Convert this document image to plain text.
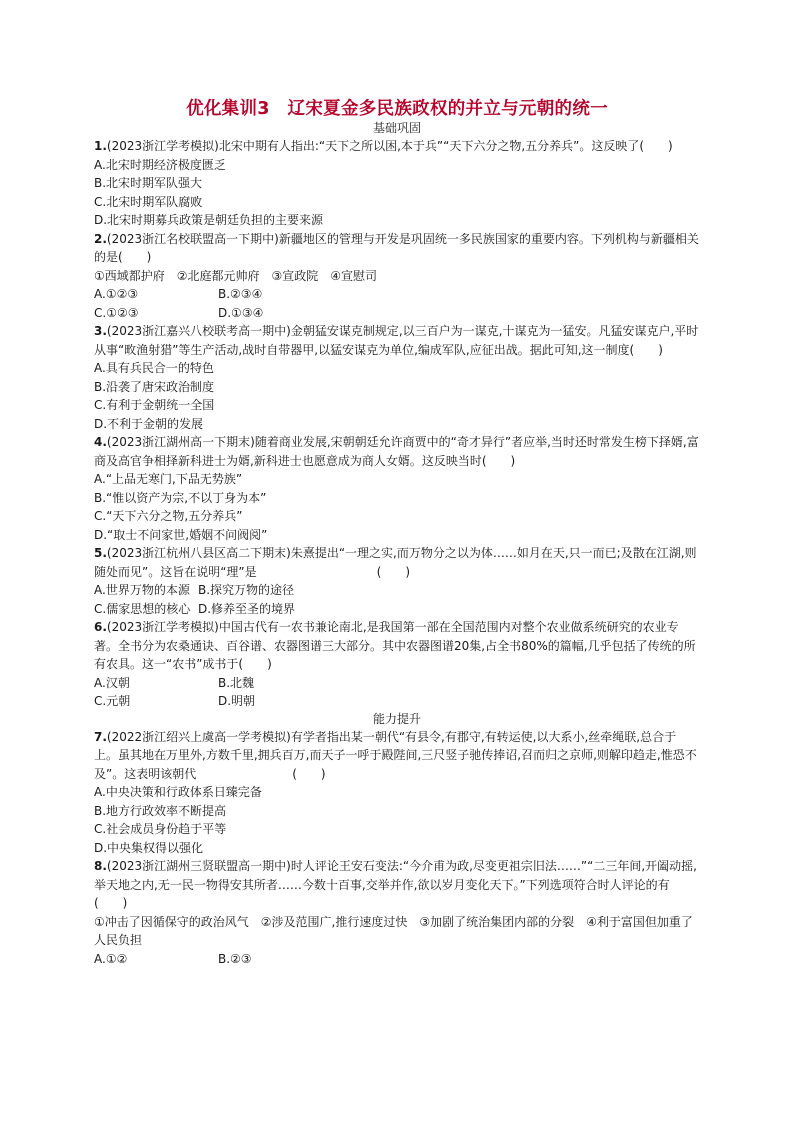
优化集训3　辽宋夏金多民族政权的并立与元朝的统一
基础巩固

1.(2023浙江学考模拟)北宋中期有人指出:“天下之所以困,本于兵”“天下六分之物,五分养兵”。这反映了(　　)

A.北宋时期经济极度匮乏

B.北宋时期军队强大

C.北宋时期军队腐败

D.北宋时期募兵政策是朝廷负担的主要来源

2.(2023浙江名校联盟高一下期中)新疆地区的管理与开发是巩固统一多民族国家的重要内容。下列机构与新疆相关的是(　　)

①西域都护府　②北庭都元帅府　③宣政院　④宣慰司

A.①②③	B.②③④

C.①②③	D.①③④

3.(2023浙江嘉兴八校联考高一期中)金朝猛安谋克制规定,以三百户为一谋克,十谋克为一猛安。凡猛安谋克户,平时从事“畋渔射猎”等生产活动,战时自带器甲,以猛安谋克为单位,编成军队,应征出战。据此可知,这一制度(　　)

A.具有兵民合一的特色

B.沿袭了唐宋政治制度

C.有利于金朝统一全国

D.不利于金朝的发展

4.(2023浙江湖州高一下期末)随着商业发展,宋朝朝廷允许商贾中的“奇才异行”者应举,当时还时常发生榜下择婿,富商及高官争相择新科进士为婿,新科进士也愿意成为商人女婿。这反映当时(　　)

A.“上品无寒门,下品无势族”

B.“惟以资产为宗,不以丁身为本”

C.“天下六分之物,五分养兵”

D.“取士不问家世,婚姻不问阀阅”

5.(2023浙江杭州八县区高二下期末)朱熹提出“一理之实,而万物分之以为体……如月在天,只一而已;及散在江湖,则随处而见”。这旨在说明“理”是　　　　　　　　　　(　　)

A.世界万物的本源 B.探究万物的途径

C.儒家思想的核心 D.修养至圣的境界

6.(2023浙江学考模拟)中国古代有一农书兼论南北,是我国第一部在全国范围内对整个农业做系统研究的农业专著。全书分为农桑通诀、百谷谱、农器图谱三大部分。其中农器图谱20集,占全书80%的篇幅,几乎包括了传统的所有农具。这一“农书”成书于(　　)

A.汉朝	B.北魏

C.元朝	D.明朝

能力提升

7.(2022浙江绍兴上虞高一学考模拟)有学者指出某一朝代“有县令,有郡守,有转运使,以大系小,丝牵绳联,总合于上。虽其地在万里外,方数千里,拥兵百万,而天子一呼于殿陛间,三尺竖子驰传捧诏,召而归之京师,则解印趋走,惟恐不及”。这表明该朝代　　　　　　　　(　　)

A.中央决策和行政体系日臻完备

B.地方行政效率不断提高

C.社会成员身份趋于平等

D.中央集权得以强化

8.(2023浙江湖州三贤联盟高一期中)时人评论王安石变法:“今介甫为政,尽变更祖宗旧法……”“二三年间,开阖动摇,举天地之内,无一民一物得安其所者……今数十百事,交举并作,欲以岁月变化天下。”下列选项符合时人评论的有(　　)

①冲击了因循保守的政治风气　②涉及范围广,推行速度过快　③加剧了统治集团内部的分裂　④利于富国但加重了人民负担

A.①②	B.②③
